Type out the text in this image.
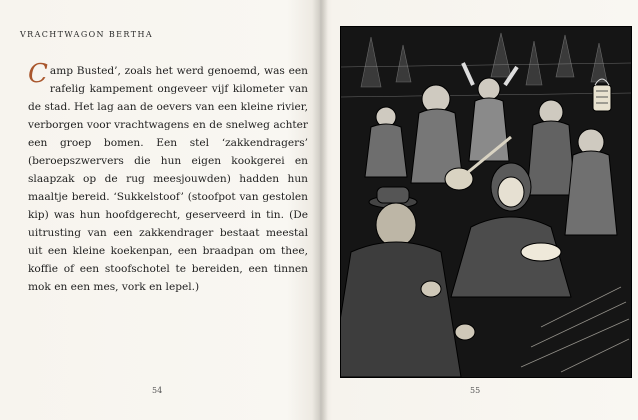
VRACHTWAGON BERTHA

Camp Busted’, zoals het werd genoemd, was een rafelig kampement ongeveer vijf kilometer van de stad. Het lag aan de oevers van een kleine rivier, verborgen voor vrachtwagens en de snelweg achter een groep bomen. Een stel ‘zakkendragers’ (beroepszwervers die hun eigen kookgerei en slaapzak op de rug meesjouwden) hadden hun maaltje bereid. ‘Sukkelstoof’ (stoofpot van gestolen kip) was hun hoofdgerecht, geserveerd in tin. (De uitrusting van een zakkendrager bestaat meestal uit een kleine koekenpan, een braadpan om thee, koffie of een stoofschotel te bereiden, een tinnen mok en een mes, vork en lepel.)

54	55
